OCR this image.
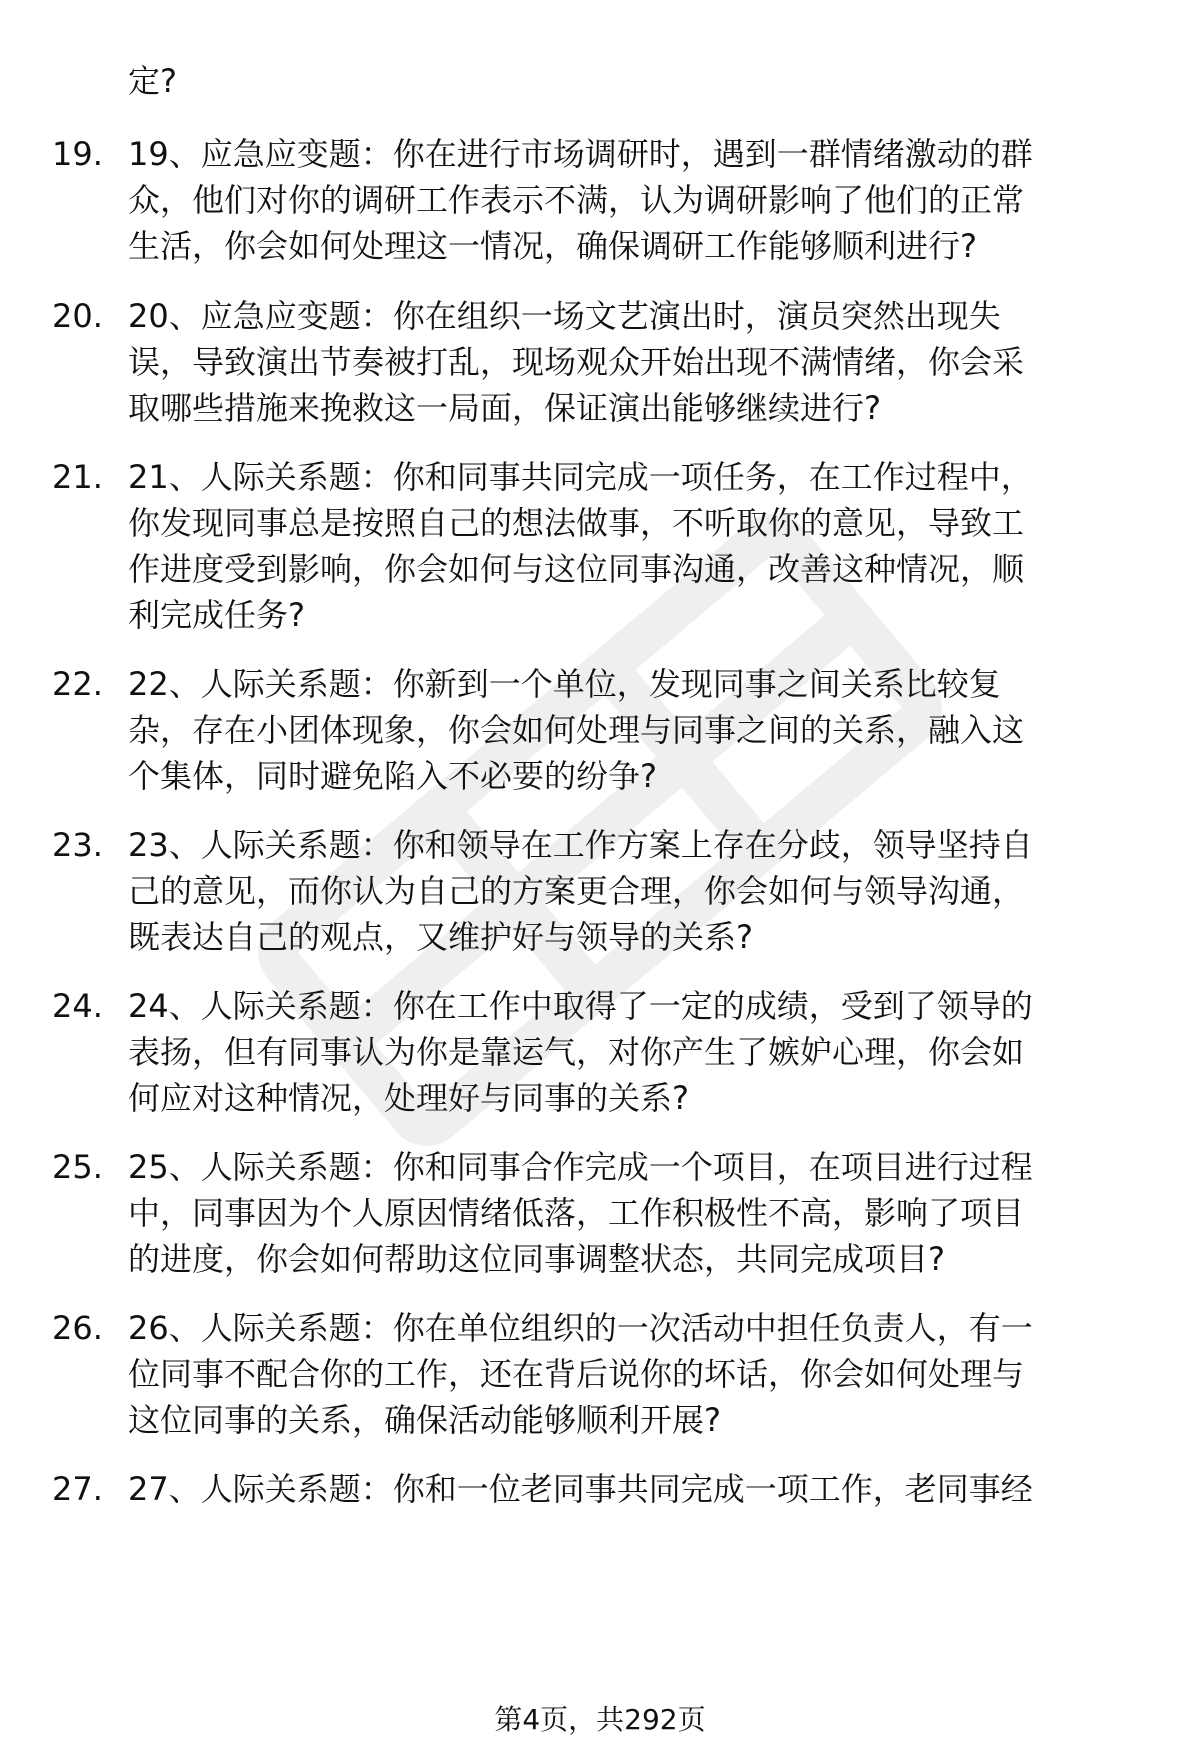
定?
19. 19、应急应变题：你在进行市场调研时，遇到一群情绪激动的群
众，他们对你的调研工作表示不满，认为调研影响了他们的正常
生活，你会如何处理这一情况，确保调研工作能够顺利进行?
20. 20、应急应变题：你在组织一场文艺演出时，演员突然出现失
误，导致演出节奏被打乱，现场观众开始出现不满情绪，你会采
取哪些措施来挽救这一局面，保证演出能够继续进行?
21. 21、人际关系题：你和同事共同完成一项任务，在工作过程中，
你发现同事总是按照自己的想法做事，不听取你的意见，导致工
作进度受到影响，你会如何与这位同事沟通，改善这种情况，顺
利完成任务?
22. 22、人际关系题：你新到一个单位，发现同事之间关系比较复
杂，存在小团体现象，你会如何处理与同事之间的关系，融入这
个集体，同时避免陷入不必要的纷争?
23. 23、人际关系题：你和领导在工作方案上存在分歧，领导坚持自
己的意见，而你认为自己的方案更合理，你会如何与领导沟通，
既表达自己的观点，又维护好与领导的关系?
24. 24、人际关系题：你在工作中取得了一定的成绩，受到了领导的
表扬，但有同事认为你是靠运气，对你产生了嫉妒心理，你会如
何应对这种情况，处理好与同事的关系?
25. 25、人际关系题：你和同事合作完成一个项目，在项目进行过程
中，同事因为个人原因情绪低落，工作积极性不高，影响了项目
的进度，你会如何帮助这位同事调整状态，共同完成项目?
26. 26、人际关系题：你在单位组织的一次活动中担任负责人，有一
位同事不配合你的工作，还在背后说你的坏话，你会如何处理与
这位同事的关系，确保活动能够顺利开展?
27. 27、人际关系题：你和一位老同事共同完成一项工作，老同事经
第4页，共292页
